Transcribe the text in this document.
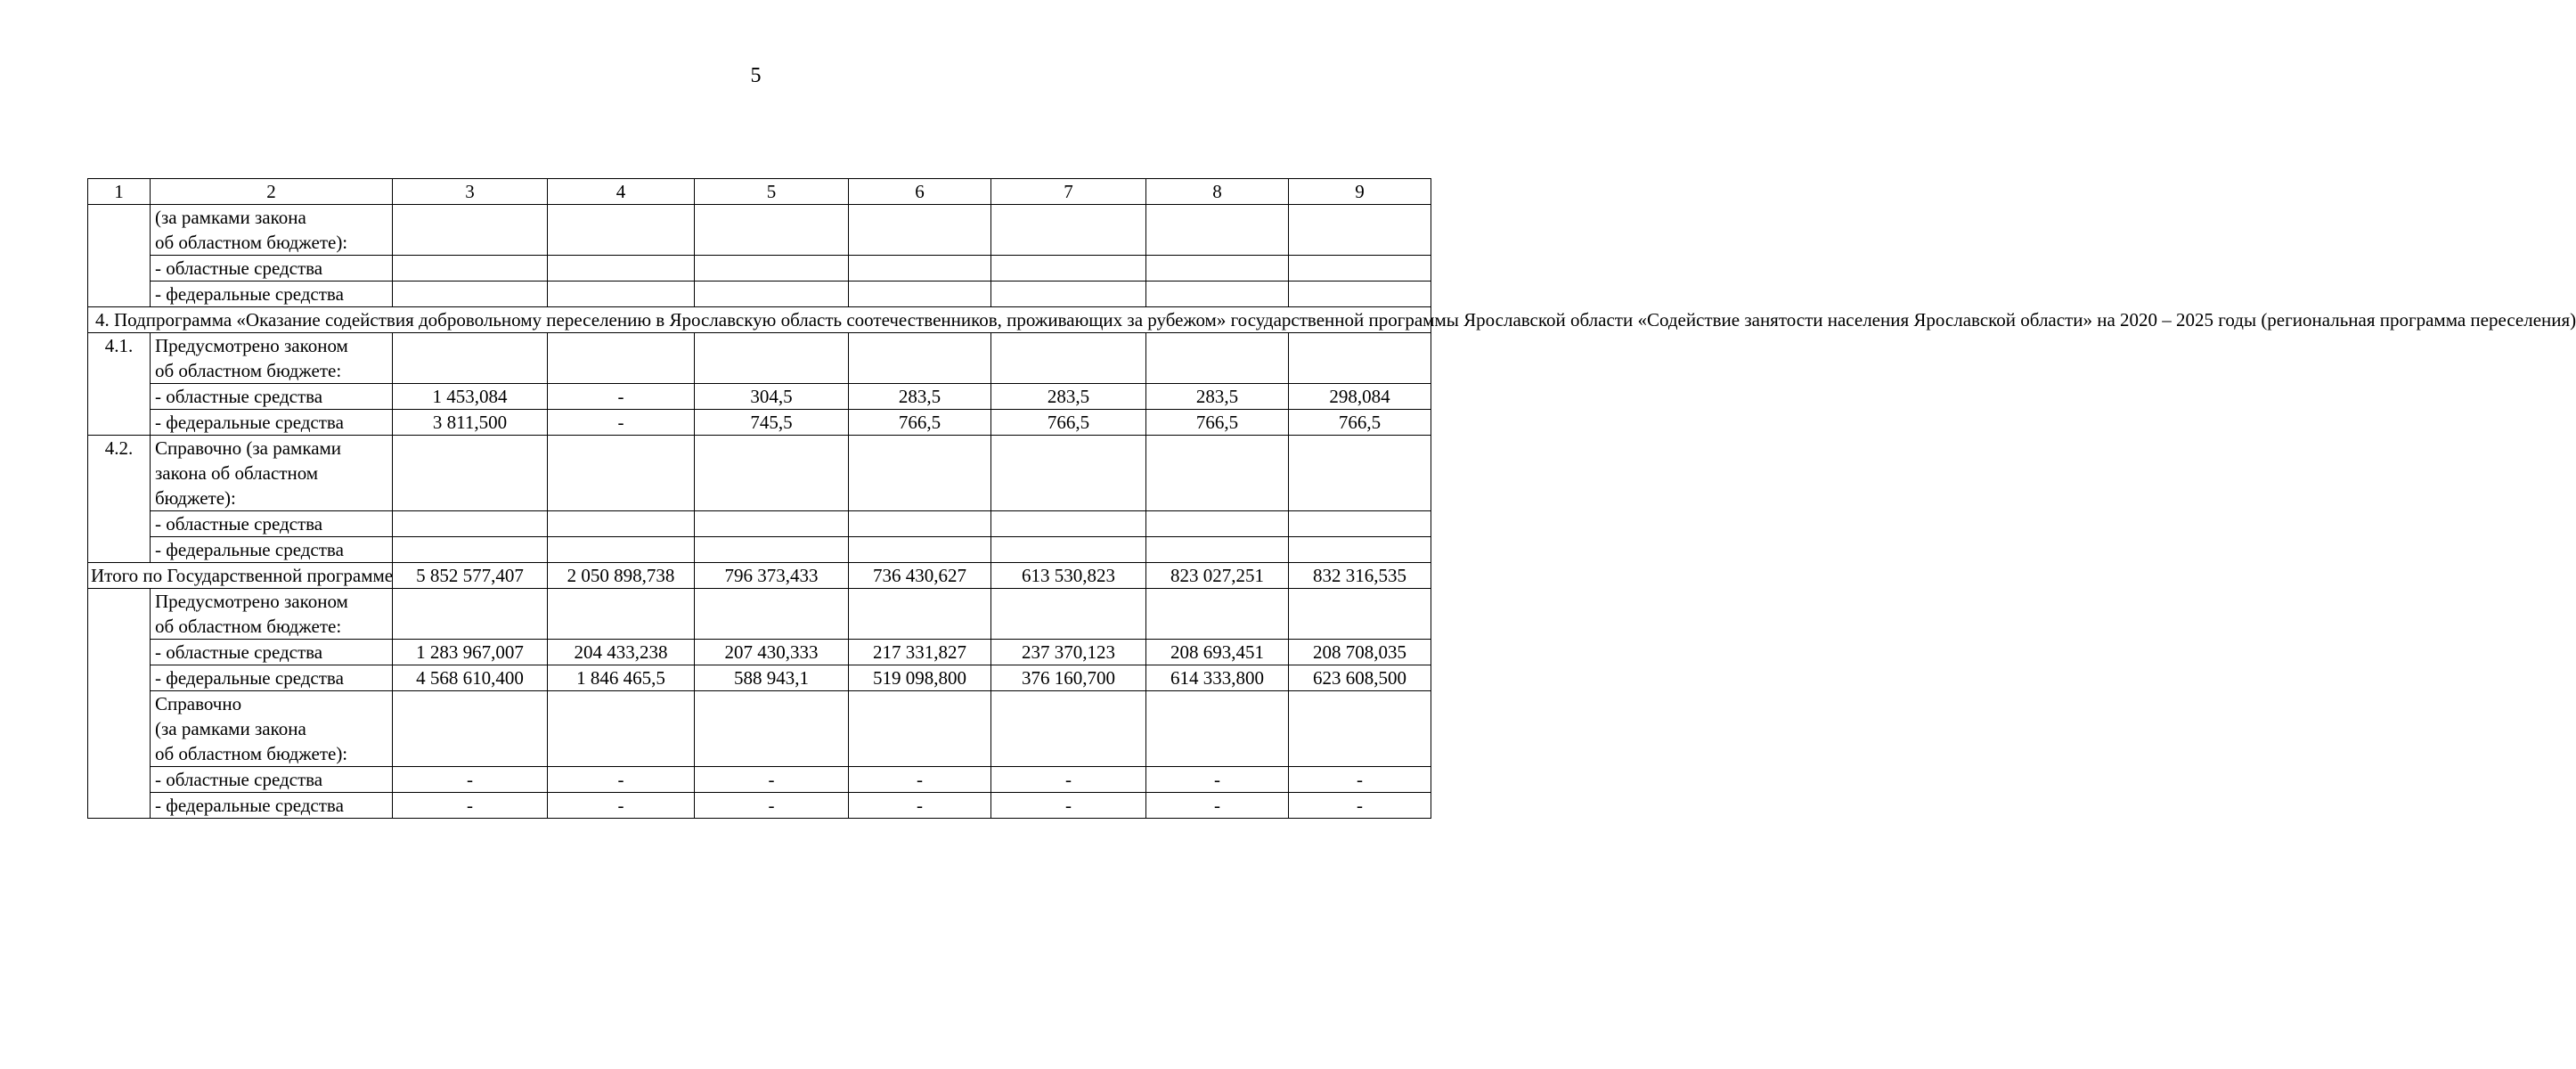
5
1	2	3	4	5	6	7	8	9

	(за рамками закона
об областном бюджете):							

	- областные средства							
	- федеральные средства							
4. Подпрограмма «Оказание содействия добровольному переселению в Ярославскую область соотечественников, проживающих за рубежом» государственной программы Ярославской области «Содействие занятости населения Ярославской области» на 2020 – 2025 годы (региональная программа переселения)								
4.1.	Предусмотрено законом
об областном бюджете:							

	- областные средства	1 453,084	-	304,5	283,5	283,5	283,5	298,084
	- федеральные средства	3 811,500	-	745,5	766,5	766,5	766,5	766,5
4.2.	Справочно (за рамками
закона об областном
бюджете):							

	- областные средства							
	- федеральные средства							
Итого по Государственной программе		5 852 577,407	2 050 898,738	796 373,433	736 430,627	613 530,823	823 027,251	832 316,535

	Предусмотрено законом
об областном бюджете:							

	- областные средства	1 283 967,007	204 433,238	207 430,333	217 331,827	237 370,123	208 693,451	208 708,035
	- федеральные средства	4 568 610,400	1 846 465,5	588 943,1	519 098,800	376 160,700	614 333,800	623 608,500

	Справочно
(за рамками закона
об областном бюджете):							

	- областные средства	-	-	-	-	-	-	-
	- федеральные средства	-	-	-	-	-	-	-
